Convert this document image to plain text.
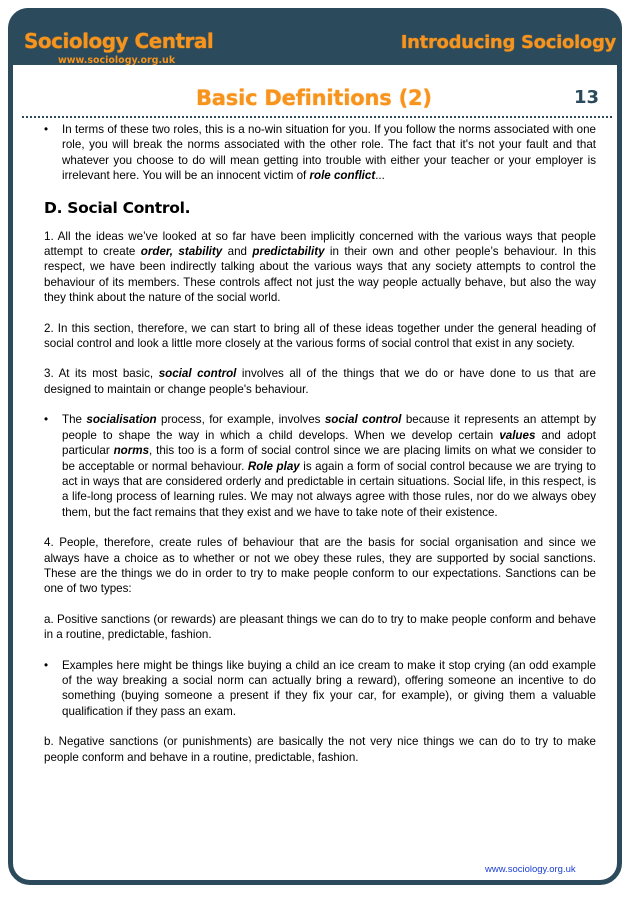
Sociology Central
www.sociology.org.uk
Introducing Sociology
Basic Definitions (2)	13
• In terms of these two roles, this is a no-win situation for you. If you follow the norms associated with one role, you will break the norms associated with the other role. The fact that it's not your fault and that whatever you choose to do will mean getting into trouble with either your teacher or your employer is irrelevant here. You will be an innocent victim of role conflict...
D. Social Control.

1. All the ideas we’ve looked at so far have been implicitly concerned with the various ways that people attempt to create order, stability and predictability in their own and other people’s behaviour. In this respect, we have been indirectly talking about the various ways that any society attempts to control the behaviour of its members. These controls affect not just the way people actually behave, but also the way they think about the nature of the social world.

2. In this section, therefore, we can start to bring all of these ideas together under the general heading of social control and look a little more closely at the various forms of social control that exist in any society.

3. At its most basic, social control involves all of the things that we do or have done to us that are designed to maintain or change people's behaviour.

• The socialisation process, for example, involves social control because it represents an attempt by people to shape the way in which a child develops. When we develop certain values and adopt particular norms, this too is a form of social control since we are placing limits on what we consider to be acceptable or normal behaviour. Role play is again a form of social control because we are trying to act in ways that are considered orderly and predictable in certain situations. Social life, in this respect, is a life-long process of learning rules. We may not always agree with those rules, nor do we always obey them, but the fact remains that they exist and we have to take note of their existence.

4. People, therefore, create rules of behaviour that are the basis for social organisation and since we always have a choice as to whether or not we obey these rules, they are supported by social sanctions. These are the things we do in order to try to make people conform to our expectations. Sanctions can be one of two types:

a. Positive sanctions (or rewards) are pleasant things we can do to try to make people conform and behave in a routine, predictable, fashion.

• Examples here might be things like buying a child an ice cream to make it stop crying (an odd example of the way breaking a social norm can actually bring a reward), offering someone an incentive to do something (buying someone a present if they fix your car, for example), or giving them a valuable qualification if they pass an exam.

b. Negative sanctions (or punishments) are basically the not very nice things we can do to try to make people conform and behave in a routine, predictable, fashion.

www.sociology.org.uk
